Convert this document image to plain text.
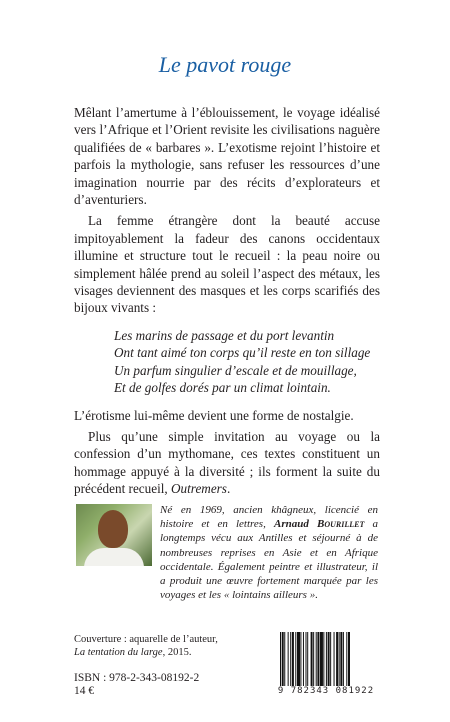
Le pavot rouge

Mêlant l’amertume à l’éblouissement, le voyage idéalisé vers l’Afrique et l’Orient revisite les civilisations naguère qualifiées de « barbares ». L’exotisme rejoint l’histoire et parfois la mythologie, sans refuser les ressources d’une imagination nourrie par des récits d’explorateurs et d’aventuriers.

La femme étrangère dont la beauté accuse impitoyablement la fadeur des canons occidentaux illumine et structure tout le recueil : la peau noire ou simplement hâlée prend au soleil l’aspect des métaux, les visages deviennent des masques et les corps scarifiés des bijoux vivants :

Les marins de passage et du port levantin
Ont tant aimé ton corps qu’il reste en ton sillage
Un parfum singulier d’escale et de mouillage,
Et de golfes dorés par un climat lointain.

L’érotisme lui-même devient une forme de nostalgie.

Plus qu’une simple invitation au voyage ou la confession d’un mythomane, ces textes constituent un hommage appuyé à la diversité ; ils forment la suite du précédent recueil, Outremers.

Né en 1969, ancien khâgneux, licencié en histoire et en lettres, Arnaud Bourillet a longtemps vécu aux Antilles et séjourné à de nombreuses reprises en Asie et en Afrique occidentale. Également peintre et illustrateur, il a produit une œuvre fortement marquée par les voyages et les « lointains ailleurs ».
Couverture : aquarelle de l’auteur,
La tentation du large, 2015.
ISBN : 978-2-343-08192-2
14 €	9 782343 081922
